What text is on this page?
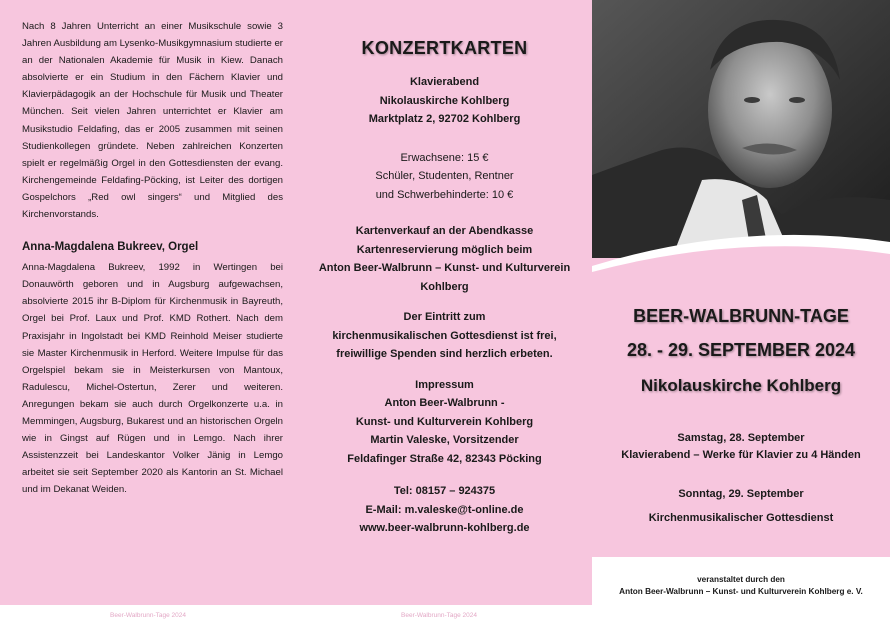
Nach 8 Jahren Unterricht an einer Musikschule sowie 3 Jahren Ausbildung am Lysenko-Musikgymnasium studierte er an der Nationalen Akademie für Musik in Kiew. Danach absolvierte er ein Studium in den Fächern Klavier und Klavierpädagogik an der Hochschule für Musik und Theater München. Seit vielen Jahren unterrichtet er Klavier am Musikstudio Feldafing, das er 2005 zusammen mit seinen Studienkollegen gründete. Neben zahlreichen Konzerten spielt er regelmäßig Orgel in den Gottesdiensten der evang. Kirchengemeinde Feldafing-Pöcking, ist Leiter des dortigen Gospelchors „Red owl singers“ und Mitglied des Kirchenvorstands.

Anna-Magdalena Bukreev, Orgel

Anna-Magdalena Bukreev, 1992 in Wertingen bei Donauwörth geboren und in Augsburg aufgewachsen, absolvierte 2015 ihr B-Diplom für Kirchenmusik in Bayreuth, Orgel bei Prof. Laux und Prof. KMD Rothert. Nach dem Praxisjahr in Ingolstadt bei KMD Reinhold Meiser studierte sie Master Kirchenmusik in Herford. Weitere Impulse für das Orgelspiel bekam sie in Meisterkursen von Mantoux, Radulescu, Michel-Ostertun, Zerer und weiteren. Anregungen bekam sie auch durch Orgelkonzerte u.a. in Memmingen, Augsburg, Bukarest und an historischen Orgeln wie in Gingst auf Rügen und in Lemgo. Nach ihrer Assistenzzeit bei Landeskantor Volker Jänig in Lemgo arbeitet sie seit September 2020 als Kantorin an St. Michael und im Dekanat Weiden.

KONZERTKARTEN
Klavierabend
Nikolauskirche Kohlberg
Marktplatz 2, 92702 Kohlberg
Erwachsene: 15 €
Schüler, Studenten, Rentner
und Schwerbehinderte: 10 €
Kartenverkauf an der Abendkasse
Kartenreservierung möglich beim
Anton Beer-Walbrunn – Kunst- und Kulturverein
Kohlberg
Der Eintritt zum
kirchenmusikalischen Gottesdienst ist frei,
freiwillige Spenden sind herzlich erbeten.
Impressum
Anton Beer-Walbrunn -
Kunst- und Kulturverein Kohlberg
Martin Valeske, Vorsitzender
Feldafinger Straße 42, 82343 Pöcking
Tel: 08157 – 924375
E-Mail: m.valeske@t-online.de
www.beer-walbrunn-kohlberg.de
BEER-WALBRUNN-TAGE
28. - 29. SEPTEMBER 2024
Nikolauskirche Kohlberg
Samstag, 28. September
Klavierabend – Werke für Klavier zu 4 Händen
Sonntag, 29. September
Kirchenmusikalischer Gottesdienst
veranstaltet durch den
Anton Beer-Walbrunn – Kunst- und Kulturverein Kohlberg e. V.
Beer-Walbrunn-Tage 2024	Beer-Walbrunn-Tage 2024
